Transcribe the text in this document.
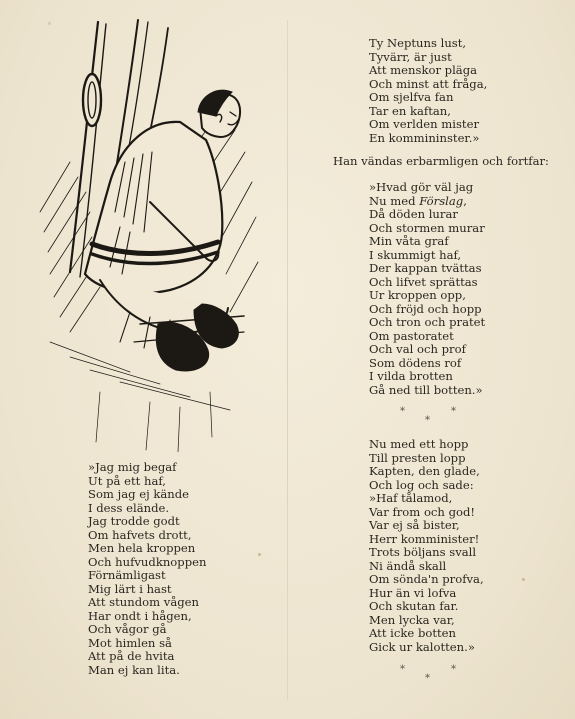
Ty Neptuns lust,
Tyvärr, är just
Att menskor pläga
Och minst att fråga,
Om sjelfva fan
Tar en kaftan,
Om verlden mister
En kommininster.»
Han vändas erbarmligen och fortfar:
»Hvad gör väl jag
Nu med Förslag,
Då döden lurar
Och stormen murar
Min våta graf
I skummigt haf,
Der kappan tvättas
Och lifvet sprättas
Ur kroppen opp,
Och fröjd och hopp
Och tron och pratet
Om pastoratet
Och val och prof
Som dödens rof
I vilda brotten
Gå ned till botten.»
*
*
*
Nu med ett hopp
Till presten lopp
Kapten, den glade,
Och log och sade:
»Haf tålamod,
Var from och god!
Var ej så bister,
Herr komminister!
Trots böljans svall
Ni ändå skall
Om sönda'n profva,
Hur än vi lofva
Och skutan far.
Men lycka var,
Att icke botten
Gick ur kalotten.»
*
*
*
»Jag mig begaf
Ut på ett haf,
Som jag ej kände
I dess elände.
Jag trodde godt
Om hafvets drott,
Men hela kroppen
Och hufvudknoppen
Förnämligast
Mig lärt i hast
Att stundom vågen
Har ondt i hågen,
Och vågor gå
Mot himlen så
Att på de hvita
Man ej kan lita.
